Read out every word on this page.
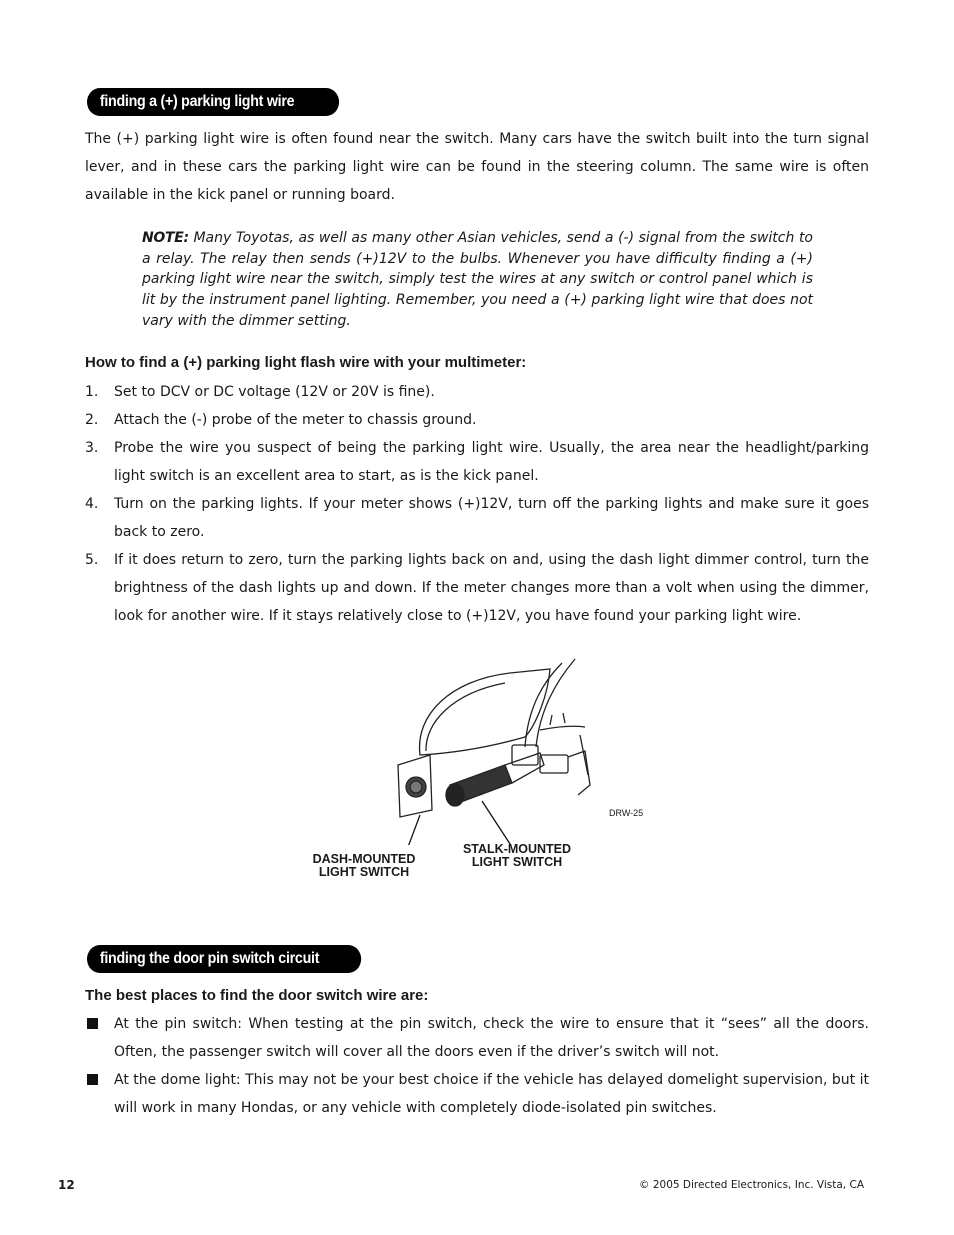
finding a (+) parking light wire
The (+) parking light wire is often found near the switch. Many cars have the switch built into the turn signal lever, and in these cars the parking light wire can be found in the steering column. The same wire is often available in the kick panel or running board.
NOTE: Many Toyotas, as well as many other Asian vehicles, send a (-) signal from the switch to a relay. The relay then sends (+)12V to the bulbs. Whenever you have difficulty finding a (+) parking light wire near the switch, simply test the wires at any switch or control panel which is lit by the instrument panel lighting. Remember, you need a (+) parking light wire that does not vary with the dimmer setting.
How to find a (+) parking light flash wire with your multimeter:
1. Set to DCV or DC voltage (12V or 20V is fine).
2. Attach the (-) probe of the meter to chassis ground.
3. Probe the wire you suspect of being the parking light wire. Usually, the area near the headlight/parking light switch is an excellent area to start, as is the kick panel.
4. Turn on the parking lights. If your meter shows (+)12V, turn off the parking lights and make sure it goes back to zero.
5. If it does return to zero, turn the parking lights back on and, using the dash light dimmer control, turn the brightness of the dash lights up and down. If the meter changes more than a volt when using the dimmer, look for another wire. If it stays relatively close to (+)12V, you have found your parking light wire.
DASH-MOUNTED
LIGHT SWITCH
STALK-MOUNTED
LIGHT SWITCH
DRW-25
finding the door pin switch circuit
The best places to find the door switch wire are:
At the pin switch: When testing at the pin switch, check the wire to ensure that it “sees” all the doors. Often, the passenger switch will cover all the doors even if the driver’s switch will not.
At the dome light: This may not be your best choice if the vehicle has delayed domelight supervision, but it will work in many Hondas, or any vehicle with completely diode-isolated pin switches.
12	© 2005 Directed Electronics, Inc. Vista, CA
